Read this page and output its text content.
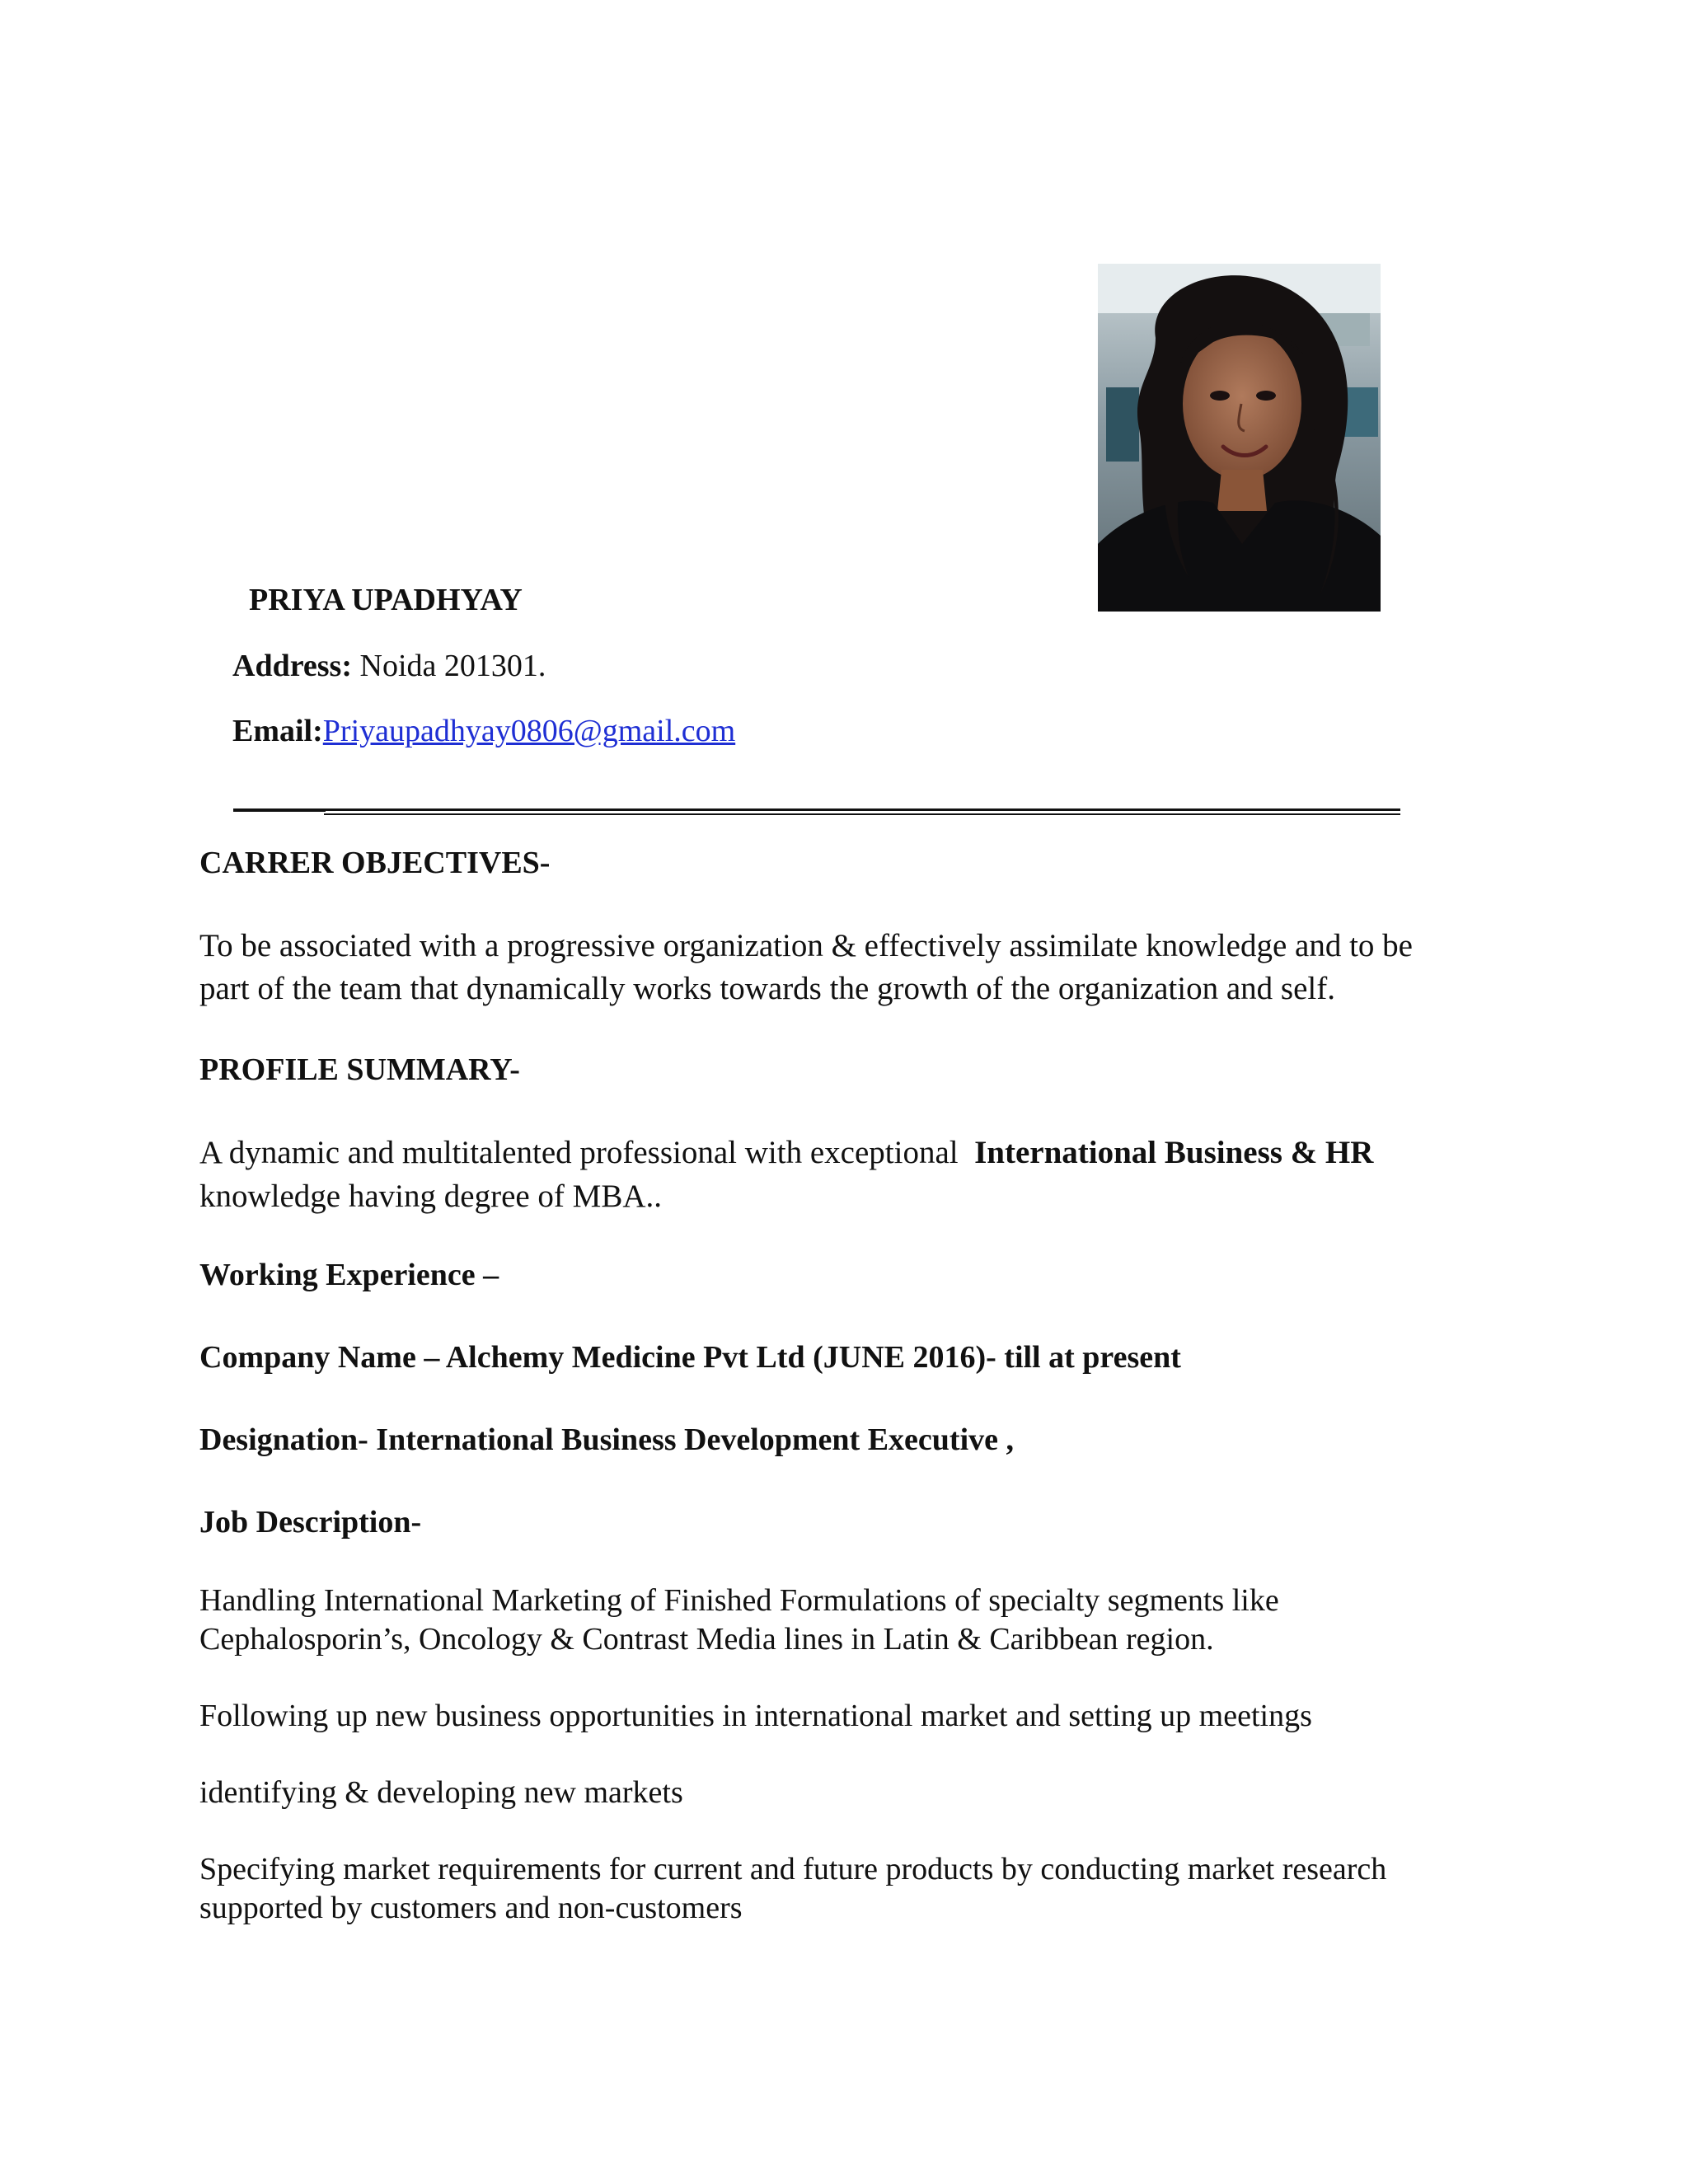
PRIYA UPADHYAY
Address: Noida 201301.
Email:Priyaupadhyay0806@gmail.com
CARRER OBJECTIVES-
To be associated with a progressive organization & effectively assimilate knowledge and to be
part of the team that dynamically works towards the growth of the organization and self.
PROFILE SUMMARY-
A dynamic and multitalented professional with exceptional  International Business & HR
knowledge having degree of MBA..
Working Experience –
Company Name – Alchemy Medicine Pvt Ltd (JUNE 2016)- till at present
Designation- International Business Development Executive ,
Job Description-
Handling International Marketing of Finished Formulations of specialty segments like
Cephalosporin’s, Oncology & Contrast Media lines in Latin & Caribbean region.
Following up new business opportunities in international market and setting up meetings
identifying & developing new markets
Specifying market requirements for current and future products by conducting market research
supported by customers and non-customers
